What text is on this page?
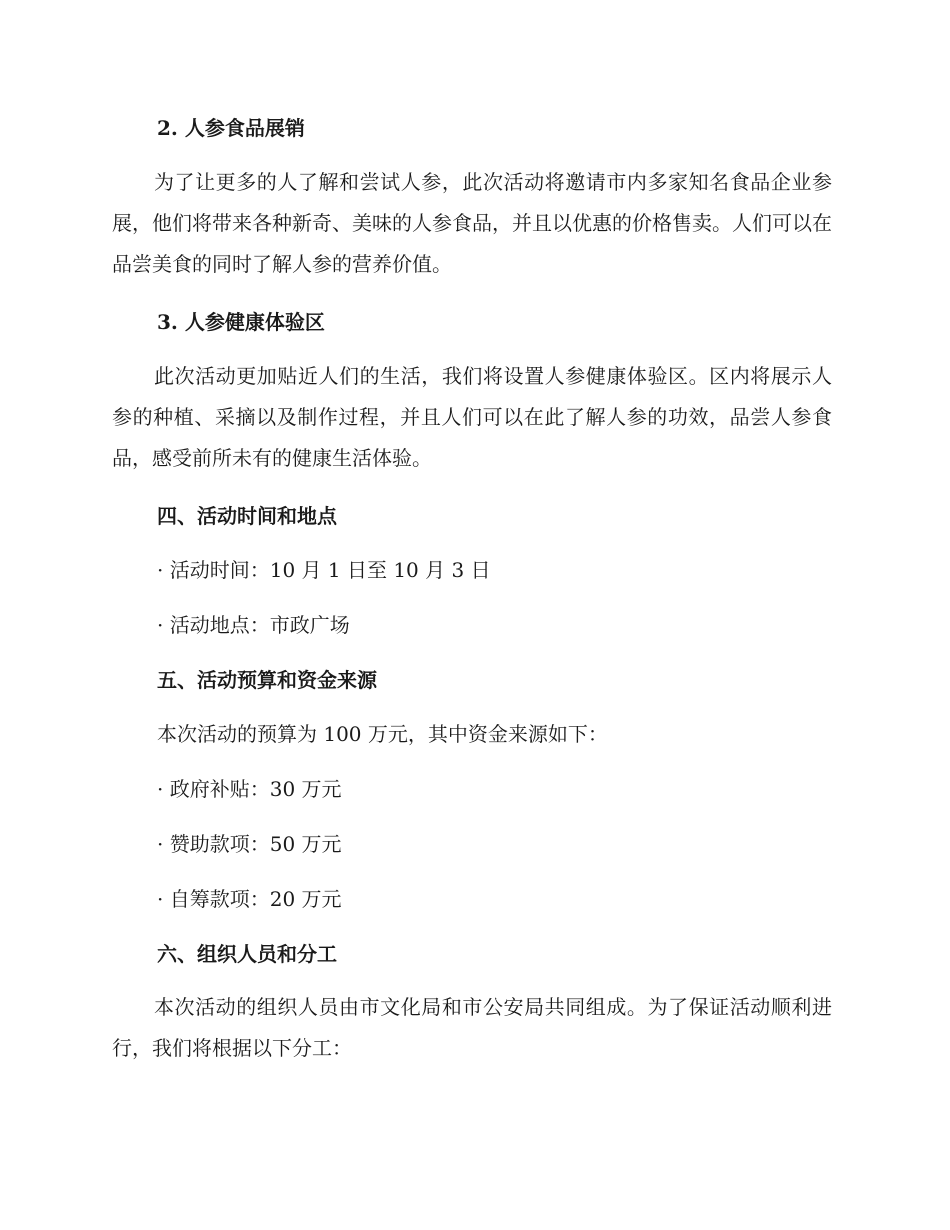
2. 人参食品展销

为了让更多的人了解和尝试人参，此次活动将邀请市内多家知名食品企业参展，他们将带来各种新奇、美味的人参食品，并且以优惠的价格售卖。人们可以在品尝美食的同时了解人参的营养价值。

3. 人参健康体验区

此次活动更加贴近人们的生活，我们将设置人参健康体验区。区内将展示人参的种植、采摘以及制作过程，并且人们可以在此了解人参的功效，品尝人参食品，感受前所未有的健康生活体验。

四、活动时间和地点

· 活动时间：10 月 1 日至 10 月 3 日

· 活动地点：市政广场

五、活动预算和资金来源

本次活动的预算为 100 万元，其中资金来源如下：

· 政府补贴：30 万元

· 赞助款项：50 万元

· 自筹款项：20 万元

六、组织人员和分工

本次活动的组织人员由市文化局和市公安局共同组成。为了保证活动顺利进行，我们将根据以下分工：
